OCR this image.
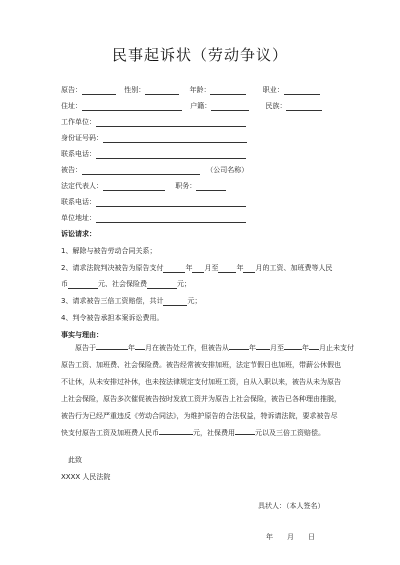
民事起诉状（劳动争议）
原告：	性别：	年龄：	职业：
住址：	户籍：	民族：
工作单位：
身份证号码：
联系电话：
被告：	（公司名称）
法定代表人：	职务：
联系电话：
单位地址：
诉讼请求：
1、解除与被告劳动合同关系；
2、请求法院判决被告为原告支付	年 月至	年 月的工资、加班费等人民
币	元、社会保险费	元；
3、请求被告三倍工资赔偿，共计	元；
4、判令被告承担本案诉讼费用。
事实与理由：
原告于	年 月在被告处工作，但被告从	年 月至	年 月止未支付
原告工资、加班费、社会保险费。被告经常被安排加班，法定节假日也加班，带薪公休假也
不让休，从未安排过补休，也未按法律规定支付加班工资，自从入职以来，被告从未为原告
上社会保险，原告多次催促被告按时发放工资并为原告上社会保险，被告已各种理由推脱，
被告行为已经严重违反《劳动合同法》，为维护原告的合法权益，特诉请法院，要求被告尽
快支付原告工资及加班费人民币	元，社保费用	元以及三倍工资赔偿。
此致
XXXX 人民法院
具状人：（本人签名）
年　　月　　日
